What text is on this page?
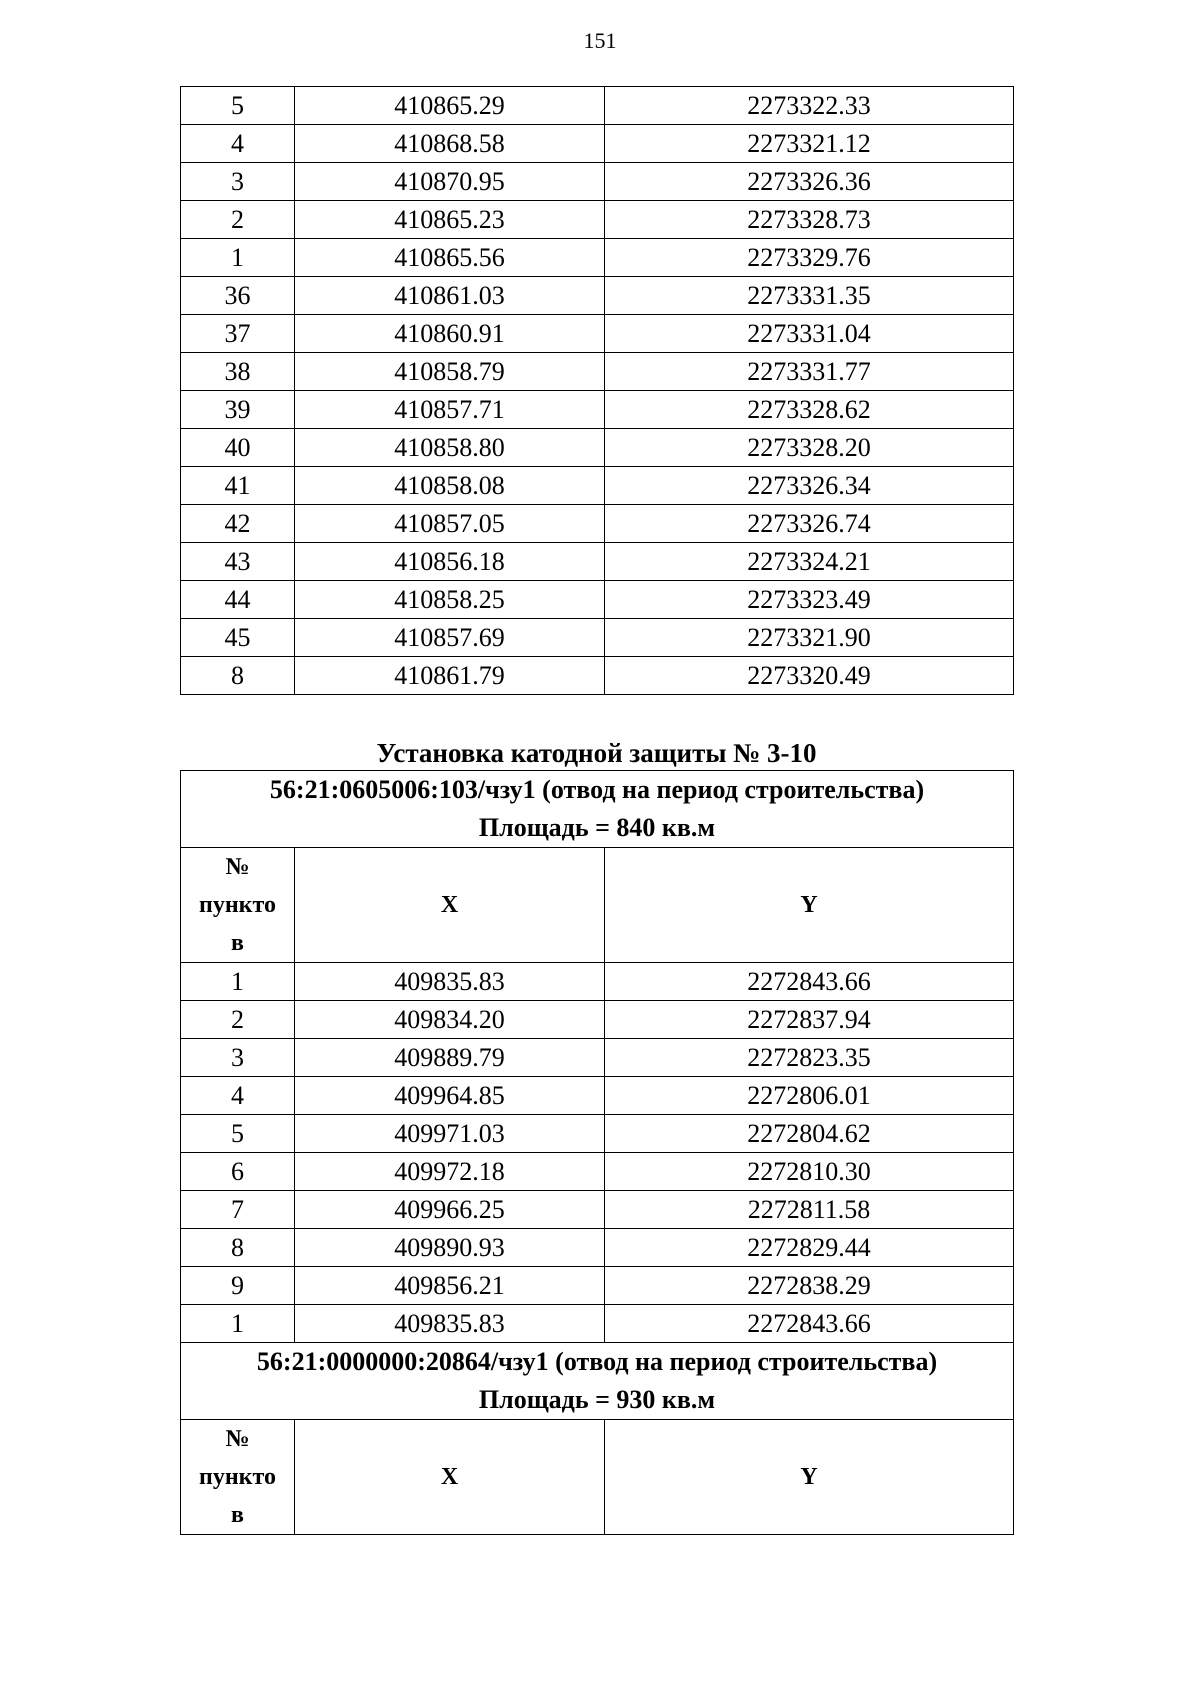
151
5	410865.29	2273322.33
4	410868.58	2273321.12
3	410870.95	2273326.36
2	410865.23	2273328.73
1	410865.56	2273329.76
36	410861.03	2273331.35
37	410860.91	2273331.04
38	410858.79	2273331.77
39	410857.71	2273328.62
40	410858.80	2273328.20
41	410858.08	2273326.34
42	410857.05	2273326.74
43	410856.18	2273324.21
44	410858.25	2273323.49
45	410857.69	2273321.90
8	410861.79	2273320.49
Установка катодной защиты № 3-10
56:21:0605006:103/чзу1 (отвод на период строительства)
Площадь = 840 кв.м		
№
пункто
в	X	Y
1	409835.83	2272843.66
2	409834.20	2272837.94
3	409889.79	2272823.35
4	409964.85	2272806.01
5	409971.03	2272804.62
6	409972.18	2272810.30
7	409966.25	2272811.58
8	409890.93	2272829.44
9	409856.21	2272838.29
1	409835.83	2272843.66
56:21:0000000:20864/чзу1 (отвод на период строительства)
Площадь = 930 кв.м		
№
пункто
в	X	Y
